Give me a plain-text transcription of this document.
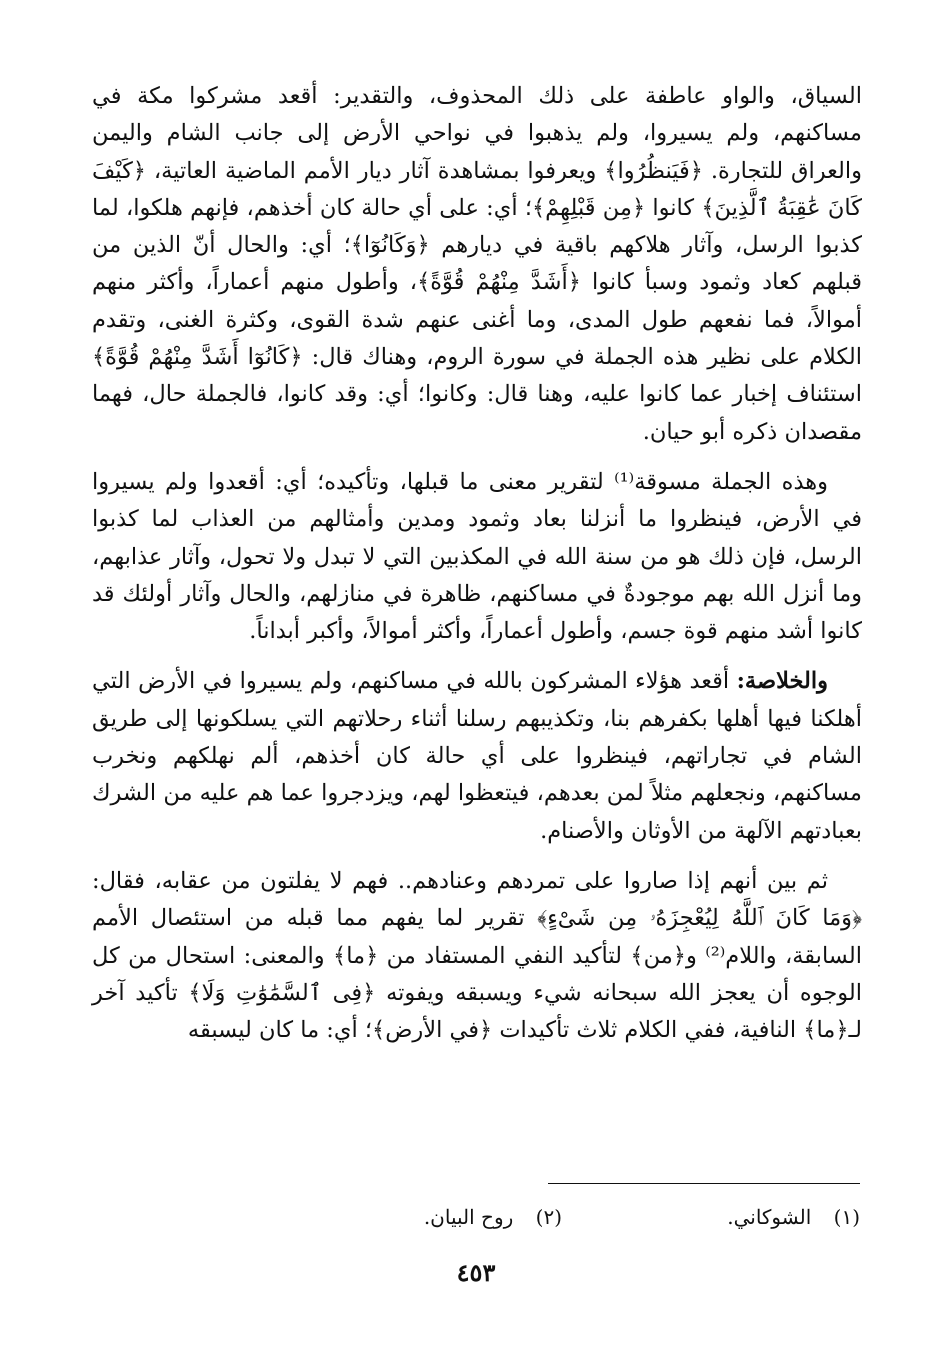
السياق، والواو عاطفة على ذلك المحذوف، والتقدير: أقعد مشركوا مكة في مساكنهم، ولم يسيروا، ولم يذهبوا في نواحي الأرض إلى جانب الشام واليمن والعراق للتجارة. ﴿فَيَنظُرُوا﴾ ويعرفوا بمشاهدة آثار ديار الأمم الماضية العاتية، ﴿كَيْفَ كَانَ عَٰقِبَةُ ٱلَّذِينَ﴾ كانوا ﴿مِن قَبْلِهِمْ﴾؛ أي: على أي حالة كان أخذهم، فإنهم هلكوا، لما كذبوا الرسل، وآثار هلاكهم باقية في ديارهم ﴿وَكَانُوٓا﴾؛ أي: والحال أنّ الذين من قبلهم كعاد وثمود وسبأ كانوا ﴿أَشَدَّ مِنْهُمْ قُوَّةً﴾، وأطول منهم أعماراً، وأكثر منهم أموالاً، فما نفعهم طول المدى، وما أغنى عنهم شدة القوى، وكثرة الغنى، وتقدم الكلام على نظير هذه الجملة في سورة الروم، وهناك قال: ﴿كَانُوٓا أَشَدَّ مِنْهُمْ قُوَّةً﴾ استئناف إخبار عما كانوا عليه، وهنا قال: وكانوا؛ أي: وقد كانوا، فالجملة حال، فهما مقصدان ذكره أبو حيان.

وهذه الجملة مسوقة⁽¹⁾ لتقرير معنى ما قبلها، وتأكيده؛ أي: أقعدوا ولم يسيروا في الأرض، فينظروا ما أنزلنا بعاد وثمود ومدين وأمثالهم من العذاب لما كذبوا الرسل، فإن ذلك هو من سنة الله في المكذبين التي لا تبدل ولا تحول، وآثار عذابهم، وما أنزل الله بهم موجودةٌ في مساكنهم، ظاهرة في منازلهم، والحال وآثار أولئك قد كانوا أشد منهم قوة جسم، وأطول أعماراً، وأكثر أموالاً، وأكبر أبداناً.

والخلاصة: أقعد هؤلاء المشركون بالله في مساكنهم، ولم يسيروا في الأرض التي أهلكنا فيها أهلها بكفرهم بنا، وتكذيبهم رسلنا أثناء رحلاتهم التي يسلكونها إلى طريق الشام في تجاراتهم، فينظروا على أي حالة كان أخذهم، ألم نهلكهم ونخرب مساكنهم، ونجعلهم مثلاً لمن بعدهم، فيتعظوا لهم، ويزدجروا عما هم عليه من الشرك بعبادتهم الآلهة من الأوثان والأصنام.

ثم بين أنهم إذا صاروا على تمردهم وعنادهم.. فهم لا يفلتون من عقابه، فقال: ﴿وَمَا كَانَ ٱللَّهُ لِيُعْجِزَهُۥ مِن شَىْءٍ﴾ تقرير لما يفهم مما قبله من استئصال الأمم السابقة، واللام⁽²⁾ و﴿من﴾ لتأكيد النفي المستفاد من ﴿ما﴾ والمعنى: استحال من كل الوجوه أن يعجز الله سبحانه شيء ويسبقه ويفوته ﴿فِى ٱلسَّمَٰوَٰتِ وَلَا﴾ تأكيد آخر لـ﴿ما﴾ النافية، ففي الكلام ثلاث تأكيدات ﴿في الأرض﴾؛ أي: ما كان ليسبقه

(١) الشوكاني.
(٢) روح البيان.
٤٥٣
